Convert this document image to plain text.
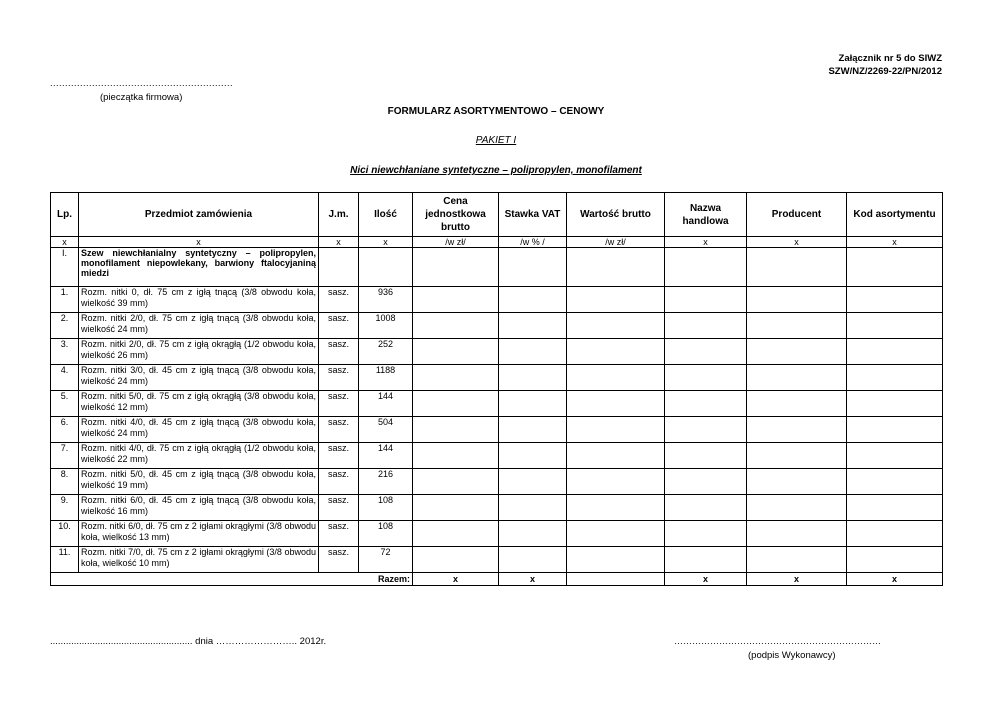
Załącznik nr 5 do SIWZ
SZW/NZ/2269-22/PN/2012
.............................................................
(pieczątka firmowa)
FORMULARZ ASORTYMENTOWO – CENOWY
PAKIET I
Nici niewchłaniane syntetyczne – polipropylen, monofilament
Lp.	Przedmiot zamówienia	J.m.	Ilość	Cena jednostkowa brutto	Stawka VAT	Wartość brutto	Nazwa handlowa	Producent	Kod asortymentu
x	x	x	x	/w zł/	/w % /	/w zł/	x	x	x
I.	Szew niewchłanialny syntetyczny – polipropylen, monofilament niepowlekany, barwiony ftalocyjaniną miedzi								
1.	Rozm. nitki 0, dł. 75 cm z igłą tnącą (3/8 obwodu koła, wielkość 39 mm)	sasz.	936						
2.	Rozm. nitki 2/0, dł. 75 cm z igłą tnącą (3/8 obwodu koła, wielkość 24 mm)	sasz.	1008						
3.	Rozm. nitki 2/0, dł. 75 cm z igłą okrągłą (1/2 obwodu koła, wielkość 26 mm)	sasz.	252						
4.	Rozm. nitki 3/0, dł. 45 cm z igłą tnącą (3/8 obwodu koła, wielkość 24 mm)	sasz.	1188						
5.	Rozm. nitki 5/0, dł. 75 cm z igłą okrągłą (3/8 obwodu koła, wielkość 12 mm)	sasz.	144						
6.	Rozm. nitki 4/0, dł. 45 cm z igłą tnącą (3/8 obwodu koła, wielkość 24 mm)	sasz.	504						
7.	Rozm. nitki 4/0, dł. 75 cm z igłą okrągłą (1/2 obwodu koła, wielkość 22 mm)	sasz.	144						
8.	Rozm. nitki 5/0, dł. 45 cm z igłą tnącą (3/8 obwodu koła, wielkość 19 mm)	sasz.	216						
9.	Rozm. nitki 6/0, dł. 45 cm z igłą tnącą (3/8 obwodu koła, wielkość 16 mm)	sasz.	108						
10.	Rozm. nitki 6/0, dł. 75 cm z 2 igłami okrągłymi (3/8 obwodu koła, wielkość 13 mm)	sasz.	108						
11.	Rozm. nitki 7/0, dł. 75 cm z 2 igłami okrągłymi (3/8 obwodu koła, wielkość 10 mm)	sasz.	72						
Razem:				x	x		x	x	x
...................................................... dnia …………………….. 2012r.	……………………………………………………………
(podpis Wykonawcy)
